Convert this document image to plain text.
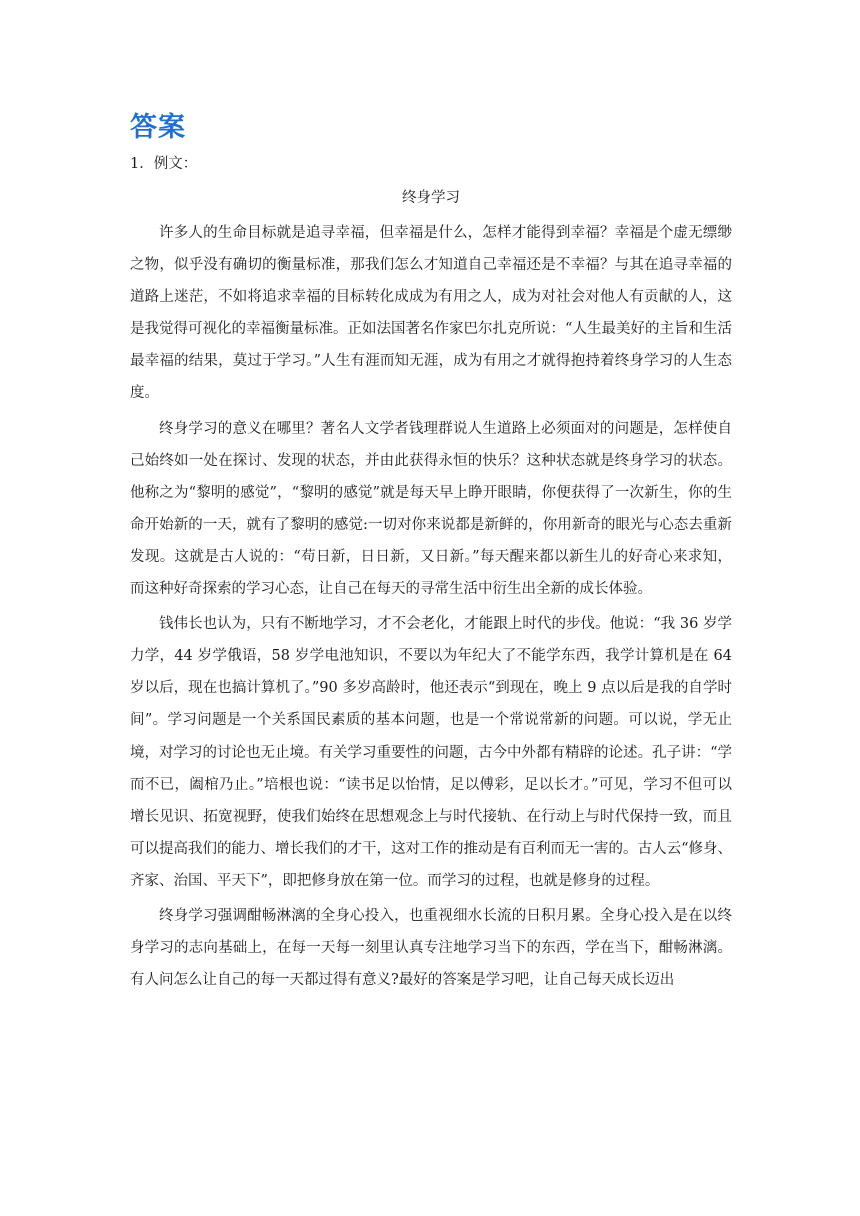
答案
1．例文：
终身学习

许多人的生命目标就是追寻幸福，但幸福是什么，怎样才能得到幸福？幸福是个虚无缥缈之物，似乎没有确切的衡量标准，那我们怎么才知道自己幸福还是不幸福？与其在追寻幸福的道路上迷茫，不如将追求幸福的目标转化成成为有用之人，成为对社会对他人有贡献的人，这是我觉得可视化的幸福衡量标准。正如法国著名作家巴尔扎克所说：“人生最美好的主旨和生活最幸福的结果，莫过于学习。”人生有涯而知无涯，成为有用之才就得抱持着终身学习的人生态度。

终身学习的意义在哪里？著名人文学者钱理群说人生道路上必须面对的问题是，怎样使自己始终如一处在探讨、发现的状态，并由此获得永恒的快乐？这种状态就是终身学习的状态。他称之为“黎明的感觉”，“黎明的感觉”就是每天早上睁开眼睛，你便获得了一次新生，你的生命开始新的一天，就有了黎明的感觉:一切对你来说都是新鲜的，你用新奇的眼光与心态去重新发现。这就是古人说的：“苟日新，日日新，又日新。”每天醒来都以新生儿的好奇心来求知，而这种好奇探索的学习心态，让自己在每天的寻常生活中衍生出全新的成长体验。

钱伟长也认为，只有不断地学习，才不会老化，才能跟上时代的步伐。他说：“我 36 岁学力学，44 岁学俄语，58 岁学电池知识，不要以为年纪大了不能学东西，我学计算机是在 64 岁以后，现在也搞计算机了。”90 多岁高龄时，他还表示“到现在，晚上 9 点以后是我的自学时间”。学习问题是一个关系国民素质的基本问题，也是一个常说常新的问题。可以说，学无止境，对学习的讨论也无止境。有关学习重要性的问题，古今中外都有精辟的论述。孔子讲：“学而不已，阖棺乃止。”培根也说：“读书足以怡情，足以傅彩，足以长才。”可见，学习不但可以增长见识、拓宽视野，使我们始终在思想观念上与时代接轨、在行动上与时代保持一致，而且可以提高我们的能力、增长我们的才干，这对工作的推动是有百利而无一害的。古人云“修身、齐家、治国、平天下”，即把修身放在第一位。而学习的过程，也就是修身的过程。

终身学习强调酣畅淋漓的全身心投入，也重视细水长流的日积月累。全身心投入是在以终身学习的志向基础上，在每一天每一刻里认真专注地学习当下的东西，学在当下，酣畅淋漓。有人问怎么让自己的每一天都过得有意义?最好的答案是学习吧，让自己每天成长迈出
